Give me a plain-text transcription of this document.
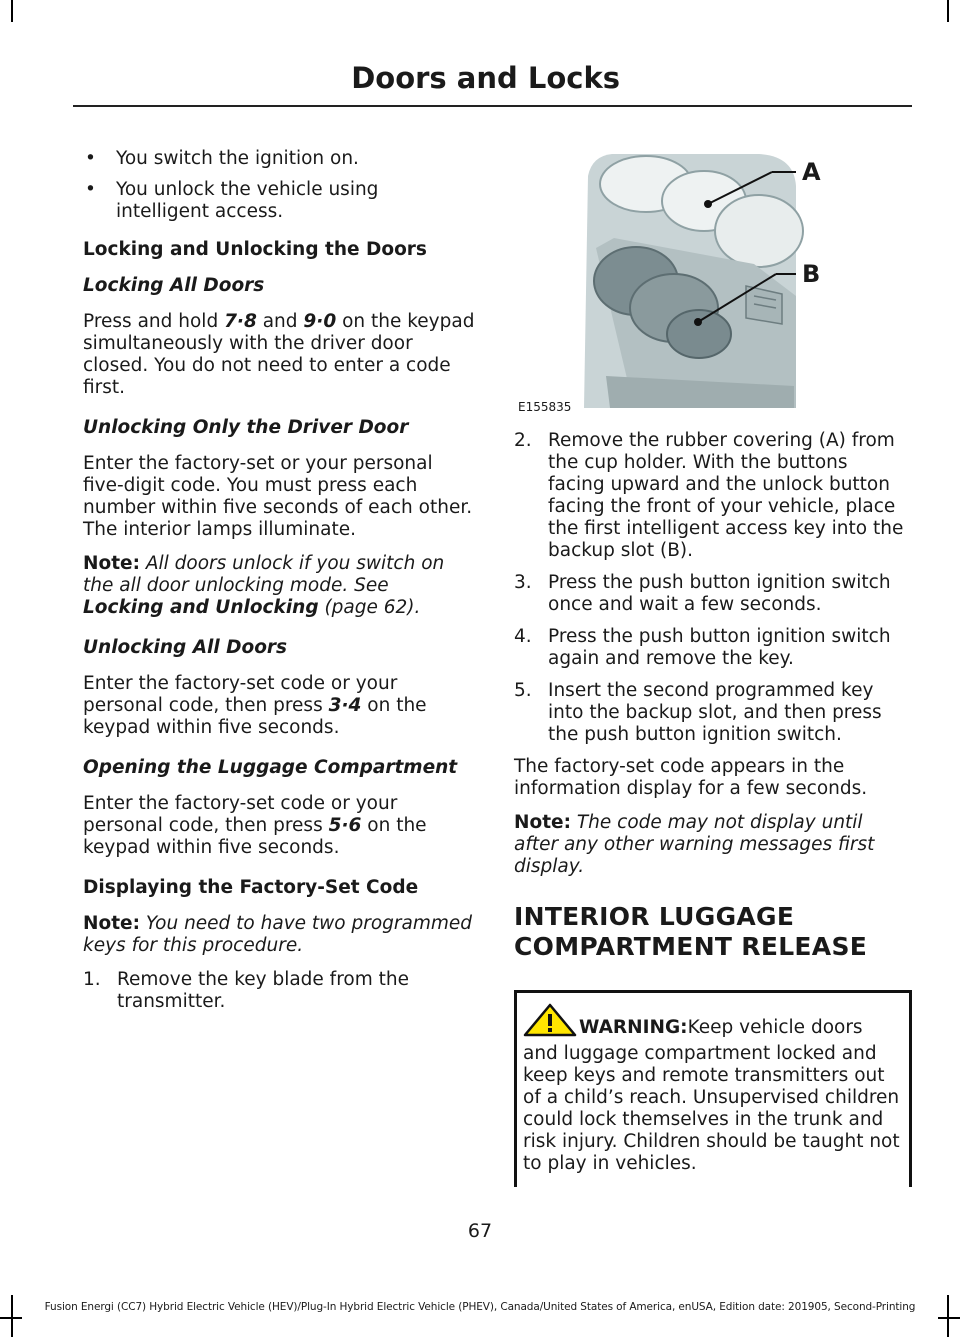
Doors and Locks
• You switch the ignition on.
• You unlock the vehicle using intelligent access.
Locking and Unlocking the Doors
Locking All Doors

Press and hold 7·8 and 9·0 on the keypad simultaneously with the driver door closed. You do not need to enter a code first.

Unlocking Only the Driver Door

Enter the factory-set or your personal five-digit code. You must press each number within five seconds of each other. The interior lamps illuminate.

Note: All doors unlock if you switch on the all door unlocking mode. See Locking and Unlocking (page 62).

Unlocking All Doors

Enter the factory-set code or your personal code, then press 3·4 on the keypad within five seconds.

Opening the Luggage Compartment

Enter the factory-set code or your personal code, then press 5·6 on the keypad within five seconds.

Displaying the Factory-Set Code

Note: You need to have two programmed keys for this procedure.

1. Remove the key blade from the transmitter.
A
B
E155835
2. Remove the rubber covering (A) from the cup holder. With the buttons facing upward and the unlock button facing the front of your vehicle, place the first intelligent access key into the backup slot (B).
3. Press the push button ignition switch once and wait a few seconds.
4. Press the push button ignition switch again and remove the key.
5. Insert the second programmed key into the backup slot, and then press the push button ignition switch.

The factory-set code appears in the information display for a few seconds.

Note: The code may not display until after any other warning messages first display.

INTERIOR LUGGAGE
COMPARTMENT RELEASE
WARNING:Keep vehicle doors and luggage compartment locked and keep keys and remote transmitters out of a child’s reach. Unsupervised children could lock themselves in the trunk and risk injury. Children should be taught not to play in vehicles.
67
Fusion Energi (CC7) Hybrid Electric Vehicle (HEV)/Plug-In Hybrid Electric Vehicle (PHEV), Canada/United States of America, enUSA, Edition date: 201905, Second-Printing
